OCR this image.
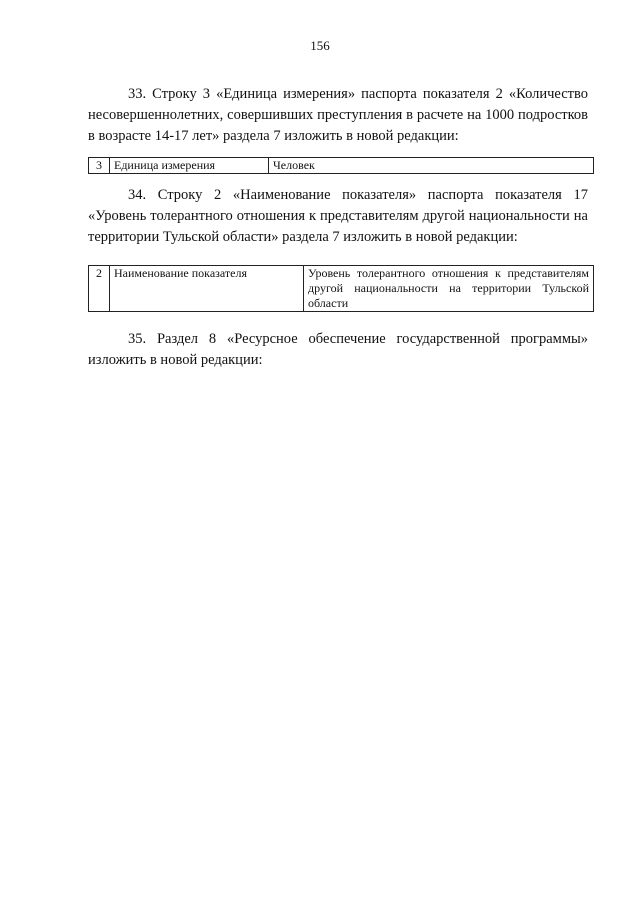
156

33. Строку 3 «Единица измерения» паспорта показателя 2 «Количество несовершеннолетних, совершивших преступления в расчете на 1000 подростков в возрасте 14-17 лет» раздела 7 изложить в новой редакции:

3	Единица измерения	Человек

34. Строку 2 «Наименование показателя» паспорта показателя 17 «Уровень толерантного отношения к представителям другой национальности на территории Тульской области» раздела 7 изложить в новой редакции:

2	Наименование показателя	Уровень толерантного отношения к представителям другой национальности на территории Тульской области

35. Раздел 8 «Ресурсное обеспечение государственной программы» изложить в новой редакции:
